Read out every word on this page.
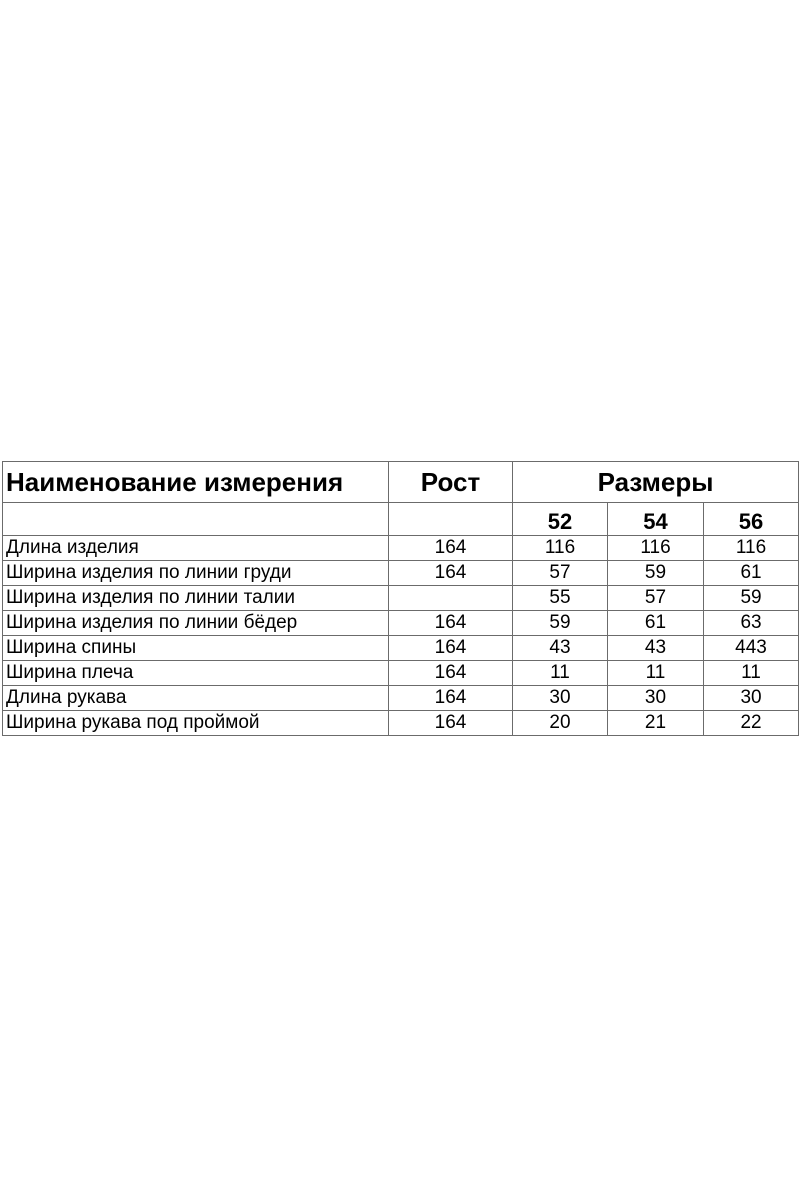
Наименование измерения	Рост	Размеры		
		52	54	56
Длина изделия	164	116	116	116
Ширина изделия по линии груди	164	57	59	61
Ширина изделия по линии талии		55	57	59
Ширина изделия по линии бёдер	164	59	61	63
Ширина спины	164	43	43	443
Ширина плеча	164	11	11	11
Длина рукава	164	30	30	30
Ширина рукава под проймой	164	20	21	22
